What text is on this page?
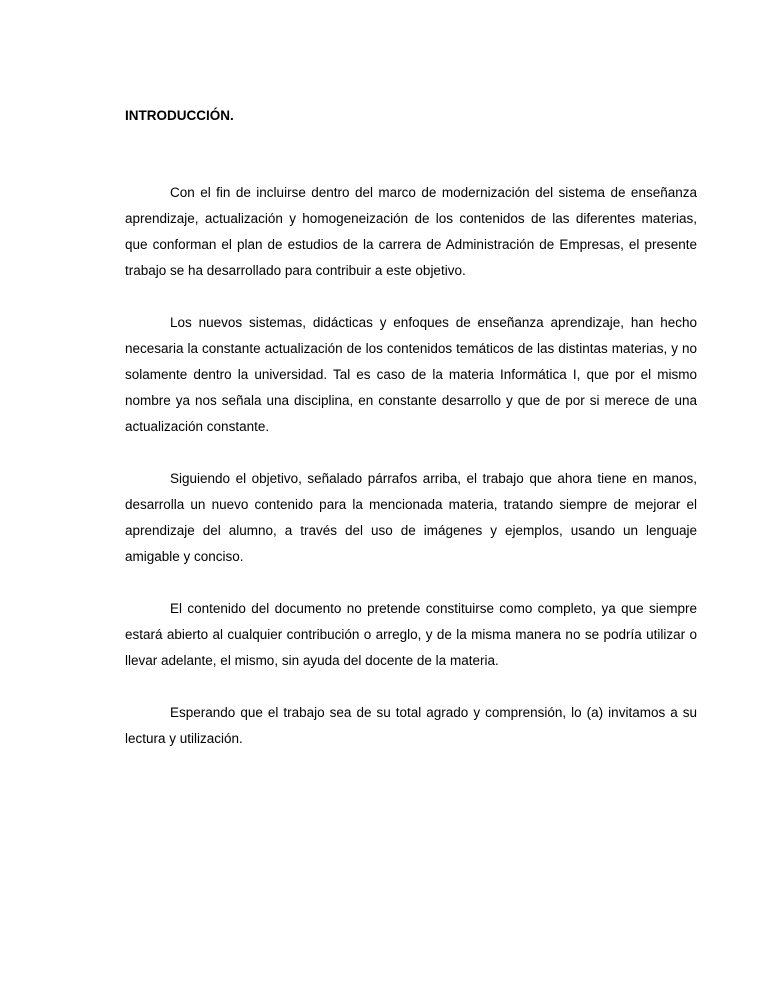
INTRODUCCIÓN.

Con el fin de incluirse dentro del marco de modernización del sistema de enseñanza aprendizaje, actualización y homogeneización de los contenidos de las diferentes materias, que conforman el plan de estudios de la carrera de Administración de Empresas, el presente trabajo se ha desarrollado para contribuir a este objetivo.

Los nuevos sistemas, didácticas y enfoques de enseñanza aprendizaje, han hecho necesaria la constante actualización de los contenidos temáticos de las distintas materias, y no solamente dentro la universidad. Tal es caso de la materia Informática I, que por el mismo nombre ya nos señala una disciplina, en constante desarrollo y que de por si merece de una actualización constante.

Siguiendo el objetivo, señalado párrafos arriba, el trabajo que ahora tiene en manos, desarrolla un nuevo contenido para la mencionada materia, tratando siempre de mejorar el aprendizaje del alumno, a través del uso de imágenes y ejemplos, usando un lenguaje amigable y conciso.

El contenido del documento no pretende constituirse como completo, ya que siempre estará abierto al cualquier contribución o arreglo, y de la misma manera no se podría utilizar o llevar adelante, el mismo, sin ayuda del docente de la materia.

Esperando que el trabajo sea de su total agrado y comprensión, lo (a) invitamos a su lectura y utilización.
